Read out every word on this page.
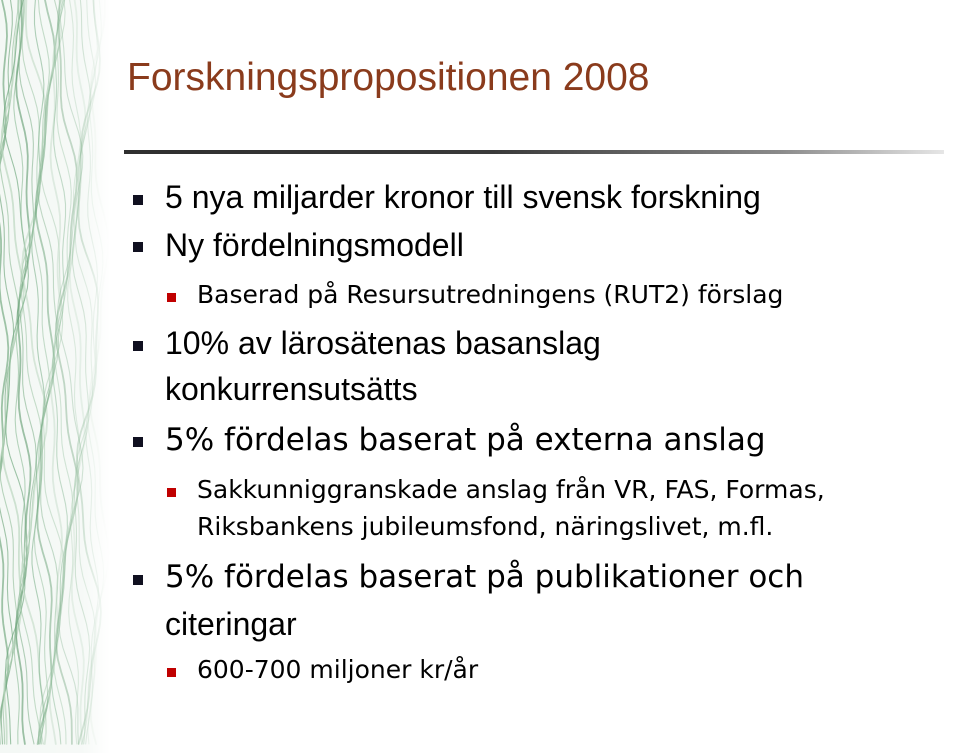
Forskningspropositionen 2008
5 nya miljarder kronor till svensk forskning
Ny fördelningsmodell
Baserad på Resursutredningens (RUT2) förslag
10% av lärosätenas basanslag
konkurrensutsätts
5% fördelas baserat på externa anslag
Sakkunniggranskade anslag från VR, FAS, Formas,
Riksbankens jubileumsfond, näringslivet, m.fl.
5% fördelas baserat på publikationer och
citeringar
600-700 miljoner kr/år
